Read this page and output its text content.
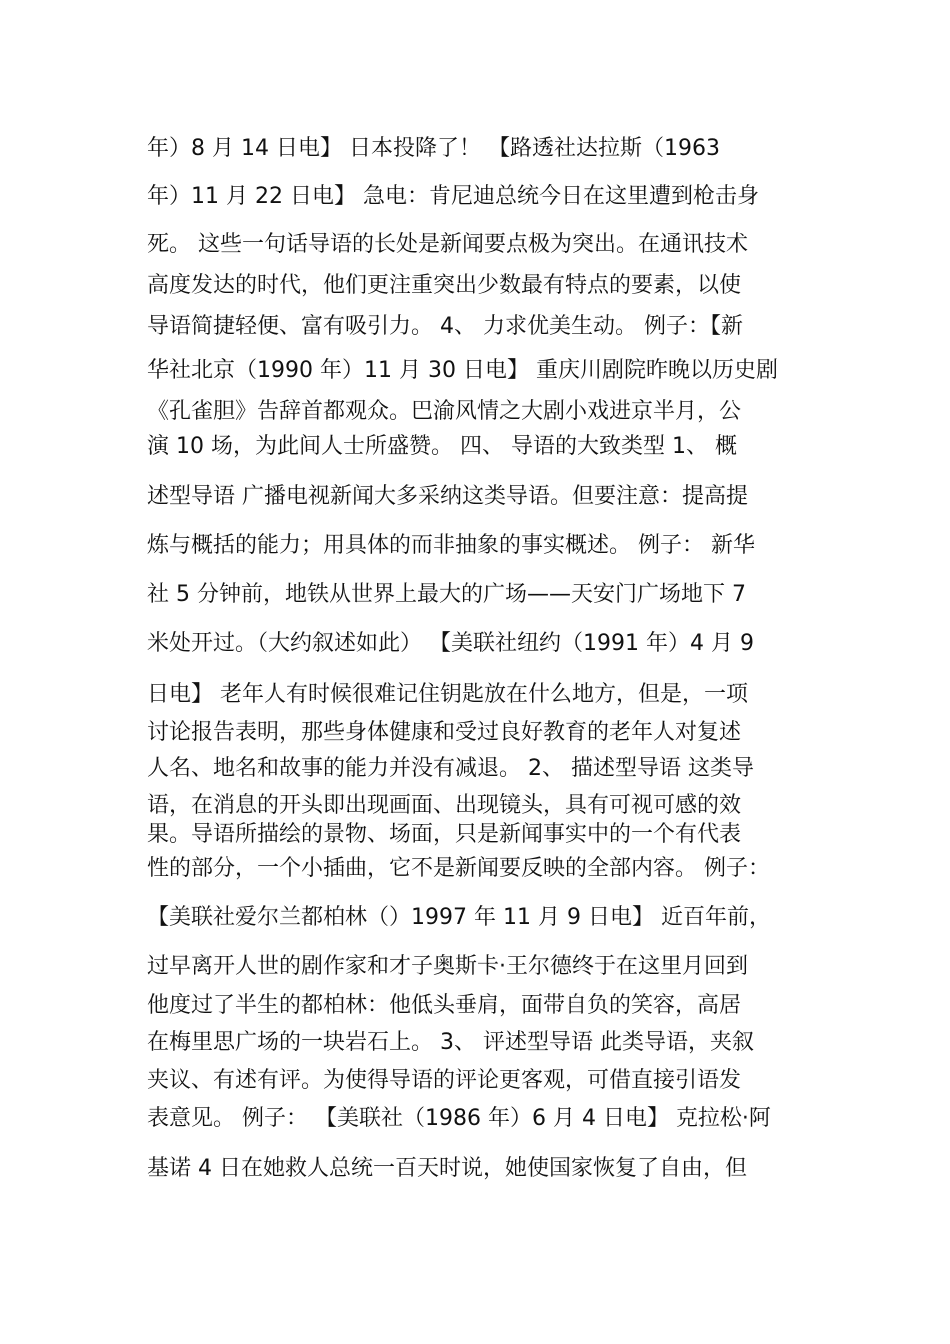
年）8 月 14 日电】 日本投降了！ 【路透社达拉斯（1963
年）11 月 22 日电】 急电：肯尼迪总统今日在这里遭到枪击身
死。 这些一句话导语的长处是新闻要点极为突出。在通讯技术
高度发达的时代，他们更注重突出少数最有特点的要素，以使
导语简捷轻便、富有吸引力。 4、 力求优美生动。 例子：【新
华社北京（1990 年）11 月 30 日电】 重庆川剧院昨晚以历史剧
《孔雀胆》告辞首都观众。巴渝风情之大剧小戏进京半月，公
演 10 场，为此间人士所盛赞。 四、 导语的大致类型 1、 概
述型导语 广播电视新闻大多采纳这类导语。但要注意：提高提
炼与概括的能力；用具体的而非抽象的事实概述。 例子： 新华
社 5 分钟前，地铁从世界上最大的广场——天安门广场地下 7
米处开过。（大约叙述如此） 【美联社纽约（1991 年）4 月 9
日电】 老年人有时候很难记住钥匙放在什么地方，但是，一项
讨论报告表明，那些身体健康和受过良好教育的老年人对复述
人名、地名和故事的能力并没有减退。 2、 描述型导语 这类导
语，在消息的开头即出现画面、出现镜头，具有可视可感的效
果。导语所描绘的景物、场面，只是新闻事实中的一个有代表
性的部分，一个小插曲，它不是新闻要反映的全部内容。 例子：
【美联社爱尔兰都柏林（）1997 年 11 月 9 日电】 近百年前，
过早离开人世的剧作家和才子奥斯卡·王尔德终于在这里月回到
他度过了半生的都柏林：他低头垂肩，面带自负的笑容，高居
在梅里思广场的一块岩石上。 3、 评述型导语 此类导语，夹叙
夹议、有述有评。为使得导语的评论更客观，可借直接引语发
表意见。 例子： 【美联社（1986 年）6 月 4 日电】 克拉松·阿
基诺 4 日在她救人总统一百天时说，她使国家恢复了自由，但
